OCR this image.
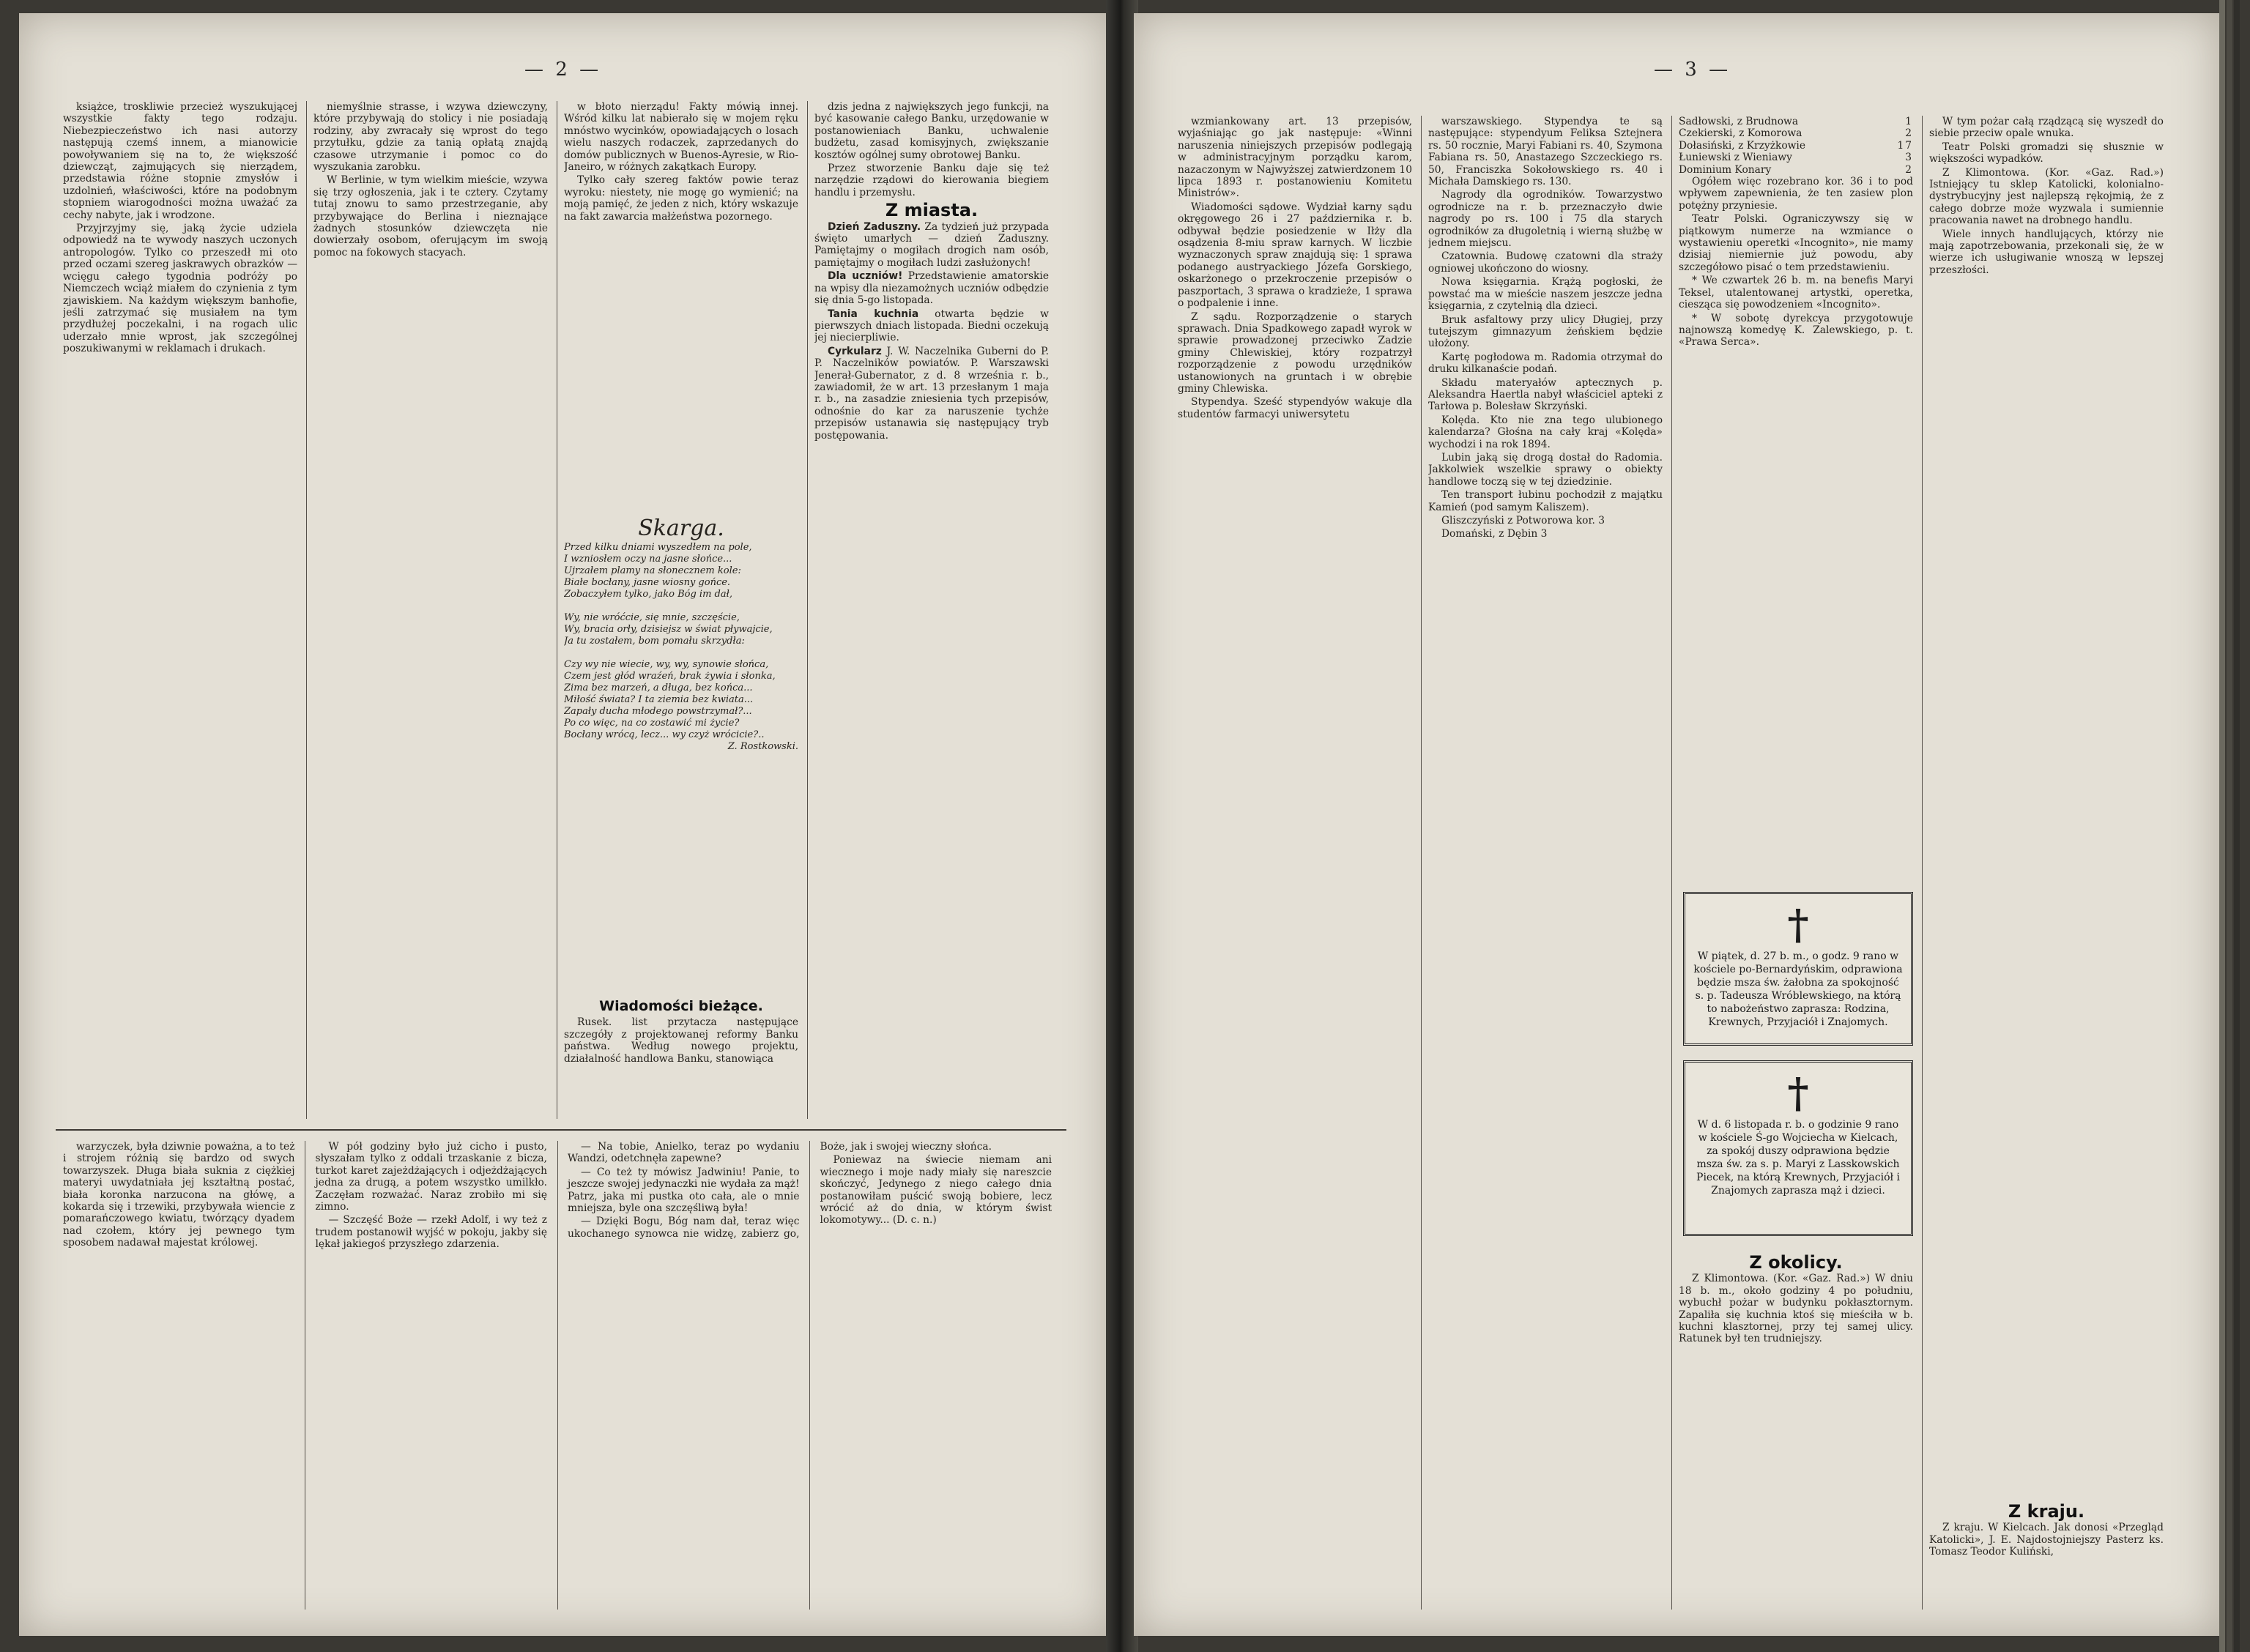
— 2 —

książce, troskliwie przecież wyszukującej wszystkie fakty tego rodzaju. Niebezpieczeństwo ich nasi autorzy następują czemś innem, a mianowicie powoływaniem się na to, że większość dziewcząt, zajmujących się nierządem, przedstawia różne stopnie zmysłów i uzdolnień, właściwości, które na podobnym stopniem wiarogodności można uważać za cechy nabyte, jak i wrodzone.

Przyjrzyjmy się, jaką życie udziela odpowiedź na te wywody naszych uczonych antropologów. Tylko co przeszedł mi oto przed oczami szereg jaskrawych obrazków — wcięgu całego tygodnia podróży po Niemczech wciąż miałem do czynienia z tym zjawiskiem. Na każdym większym banhofie, jeśli zatrzymać się musiałem na tym przydłużej poczekalni, i na rogach ulic uderzało mnie wprost, jak szczególnej poszukiwanymi w reklamach i drukach.

niemyślnie strasse, i wzywa dziewczyny, które przybywają do stolicy i nie posiadają rodziny, aby zwracały się wprost do tego przytułku, gdzie za tanią opłatą znajdą czasowe utrzymanie i pomoc co do wyszukania zarobku.

W Berlinie, w tym wielkim mieście, wzywa się trzy ogłoszenia, jak i te cztery. Czytamy tutaj znowu to samo przestrzeganie, aby przybywające do Berlina i nieznające żadnych stosunków dziewczęta nie dowierzały osobom, oferującym im swoją pomoc na fokowych stacyach.

w błoto nierządu! Fakty mówią innej. Wśród kilku lat nabierało się w mojem ręku mnóstwo wycinków, opowiadających o losach wielu naszych rodaczek, zaprzedanych do domów publicznych w Buenos-Ayresie, w Rio-Janeiro, w różnych zakątkach Europy.

Tylko cały szereg faktów powie teraz wyroku: niestety, nie mogę go wymienić; na moją pamięć, że jeden z nich, który wskazuje na fakt zawarcia małżeństwa pozornego.

Skarga.
Przed kilku dniami wyszedłem na pole,
I wzniosłem oczy na jasne słońce...
Ujrzałem plamy na słonecznem kole:
Białe bocłany, jasne wiosny gońce.
Zobaczyłem tylko, jako Bóg im dał,

Wy, nie wróćcie, się mnie, szczęście,
Wy, bracia orły, dzisiejsz w świat pływajcie,
Ja tu zostałem, bom pomału skrzydła:

Czy wy nie wiecie, wy, wy, synowie słońca,
Czem jest głód wraźeń, brak żywia i słonka,
Zima bez marzeń, a długa, bez końca...
Miłość świata? I ta ziemia bez kwiata...
Zapały ducha młodego powstrzymał?...
Po co więc, na co zostawić mi życie?
Bocłany wrócą, lecz... wy czyż wrócicie?..
Z. Rostkowski.
Wiadomości bieżące.

Rusek. list przytacza następujące szczegóły z projektowanej reformy Banku państwa. Według nowego projektu, działalność handlowa Banku, stanowiąca

dzis jedna z największych jego funkcji, na być kasowanie całego Banku, urzędowanie w postanowieniach Banku, uchwalenie budżetu, zasad komisyjnych, zwiększanie kosztów ogólnej sumy obrotowej Banku.

Przez stworzenie Banku daje się też narzędzie rządowi do kierowania biegiem handlu i przemysłu.

Z miasta.

Dzień Zaduszny. Za tydzień już przypada święto umarłych — dzień Zaduszny. Pamiętajmy o mogiłach drogich nam osób, pamiętajmy o mogiłach ludzi zasłużonych!

Dla uczniów! Przedstawienie amatorskie na wpisy dla niezamożnych uczniów odbędzie się dnia 5-go listopada.

Tania kuchnia otwarta będzie w pierwszych dniach listopada. Biedni oczekują jej niecierpliwie.

Cyrkularz J. W. Naczelnika Guberni do P. P. Naczelników powiatów. P. Warszawski Jenerał-Gubernator, z d. 8 września r. b., zawiadomił, że w art. 13 przesłanym 1 maja r. b., na zasadzie zniesienia tych przepisów, odnośnie do kar za naruszenie tychże przepisów ustanawia się następujący tryb postępowania.

warzyczek, była dziwnie poważna, a to też i strojem różnią się bardzo od swych towarzyszek. Długa biała suknia z ciężkiej materyi uwydatniała jej kształtną postać, biała koronka narzucona na główę, a kokarda się i trzewiki, przybywała wiencie z pomarańczowego kwiatu, twórzący dyadem nad czołem, który jej pewnego tym sposobem nadawał majestat królowej.

W pół godziny było już cicho i pusto, słyszałam tylko z oddali trzaskanie z bicza, turkot karet zajeżdżających i odjeżdżających jedna za drugą, a potem wszystko umilkło. Zaczęłam rozważać. Naraz zrobiło mi się zimno.

— Szczęść Boże — rzekł Adolf, i wy też z trudem postanowił wyjść w pokoju, jakby się lękał jakiegoś przyszłego zdarzenia.

— Na tobie, Anielko, teraz po wydaniu Wandzi, odetchnęła zapewne?

— Co też ty mówisz Jadwiniu! Panie, to jeszcze swojej jedynaczki nie wydała za mąż! Patrz, jaka mi pustka oto cała, ale o mnie mniejsza, byle ona szczęśliwą była!

— Dzięki Bogu, Bóg nam dał, teraz więc ukochanego synowca nie widzę, zabierz go, Boże, jak i swojej wieczny słońca.

Poniewaz na świecie niemam ani wiecznego i moje nady miały się nareszcie skończyć, Jedynego z niego całego dnia postanowiłam puścić swoją bobiere, lecz wrócić aż do dnia, w którym świst lokomotywy... (D. c. n.)

— 3 —

wzmiankowany art. 13 przepisów, wyjaśniając go jak następuje: «Winni naruszenia niniejszych przepisów podlegają w administracyjnym porządku karom, nazaczonym w Najwyższej zatwierdzonem 10 lipca 1893 r. postanowieniu Komitetu Ministrów».

Wiadomości sądowe. Wydział karny sądu okręgowego 26 i 27 października r. b. odbywał będzie posiedzenie w Iłży dla osądzenia 8-miu spraw karnych. W liczbie wyznaczonych spraw znajdują się: 1 sprawa podanego austryackiego Józefa Gorskiego, oskarżonego o przekroczenie przepisów o paszportach, 3 sprawa o kradzieże, 1 sprawa o podpalenie i inne.

Z sądu. Rozporządzenie o starych sprawach. Dnia Spadkowego zapadł wyrok w sprawie prowadzonej przeciwko Zadzie gminy Chlewiskiej, który rozpatrzył rozporządzenie z powodu urzędników ustanowionych na gruntach i w obrębie gminy Chlewiska.

Stypendya. Sześć stypendyów wakuje dla studentów farmacyi uniwersytetu

warszawskiego. Stypendya te są następujące: stypendyum Feliksa Sztejnera rs. 50 rocznie, Maryi Fabiani rs. 40, Szymona Fabiana rs. 50, Anastazego Szczeckiego rs. 50, Franciszka Sokołowskiego rs. 40 i Michała Damskiego rs. 130.

Nagrody dla ogrodników. Towarzystwo ogrodnicze na r. b. przeznaczyło dwie nagrody po rs. 100 i 75 dla starych ogrodników za długoletnią i wierną służbę w jednem miejscu.

Czatownia. Budowę czatowni dla straży ogniowej ukończono do wiosny.

Nowa księgarnia. Krążą pogłoski, że powstać ma w mieście naszem jeszcze jedna księgarnia, z czytelnią dla dzieci.

Bruk asfaltowy przy ulicy Długiej, przy tutejszym gimnazyum żeńskiem będzie ułożony.

Kartę pogłodowa m. Radomia otrzymał do druku kilkanaście podań.

Składu materyałów aptecznych p. Aleksandra Haertla nabył właściciel apteki z Tarłowa p. Bolesław Skrzyński.

Kolęda. Kto nie zna tego ulubionego kalendarza? Głośna na cały kraj «Kolęda» wychodzi i na rok 1894.

Lubin jaką się drogą dostał do Radomia. Jakkolwiek wszelkie sprawy o obiekty handlowe toczą się w tej dziedzinie.

Ten transport łubinu pochodził z majątku Kamień (pod samym Kaliszem).

Gliszczyński z Potworowa kor. 3

Domański, z Dębin 3

Sadłowski, z Brudnowa	1
Czekierski, z Komorowa	2
Dołasiński, z Krzyżkowie	17
Łuniewski z Wieniawy	3
Dominium Konary	2

Ogółem więc rozebrano kor. 36 i to pod wpływem zapewnienia, że ten zasiew plon potężny przyniesie.

Teatr Polski. Ograniczywszy się w piątkowym numerze na wzmiance o wystawieniu operetki «Incognito», nie mamy dzisiaj niemiernie już powodu, aby szczegółowo pisać o tem przedstawieniu.

* We czwartek 26 b. m. na benefis Maryi Teksel, utalentowanej artystki, operetka, ciesząca się powodzeniem «Incognito».

* W sobotę dyrekcya przygotowuje najnowszą komedyę K. Zalewskiego, p. t. «Prawa Serca».

†
W piątek, d. 27 b. m., o godz. 9 rano w kościele po-Bernardyńskim, odprawiona będzie msza św. żałobna za spokojność s. p. Tadeusza Wróblewskiego, na którą to nabożeństwo zaprasza: Rodzina, Krewnych, Przyjaciół i Znajomych.
†
W d. 6 listopada r. b. o godzinie 9 rano w kościele Ś-go Wojciecha w Kielcach, za spokój duszy odprawiona będzie msza św. za s. p. Maryi z Lasskowskich Piecek, na którą Krewnych, Przyjaciół i Znajomych zaprasza mąż i dzieci.
Z okolicy.

Z Klimontowa. (Kor. «Gaz. Rad.») W dniu 18 b. m., około godziny 4 po południu, wybuchł pożar w budynku pokłasztornym. Zapaliła się kuchnia ktoś się mieściła w b. kuchni klasztornej, przy tej samej ulicy. Ratunek był ten trudniejszy.

W tym pożar całą rządzącą się wyszedł do siebie przeciw opale wnuka.

Teatr Polski gromadzi się słusznie w większości wypadków.

Z Klimontowa. (Kor. «Gaz. Rad.») Istniejący tu sklep Katolicki, kolonialno-dystrybucyjny jest najlepszą rękojmią, że z całego dobrze może wyzwala i sumiennie pracowania nawet na drobnego handlu.

Wiele innych handlujących, którzy nie mają zapotrzebowania, przekonali się, że w wierze ich usługiwanie wnoszą w lepszej przeszłości.

Z kraju.

Z kraju. W Kielcach. Jak donosi «Przegląd Katolicki», J. E. Najdostojniejszy Pasterz ks. Tomasz Teodor Kuliński,
